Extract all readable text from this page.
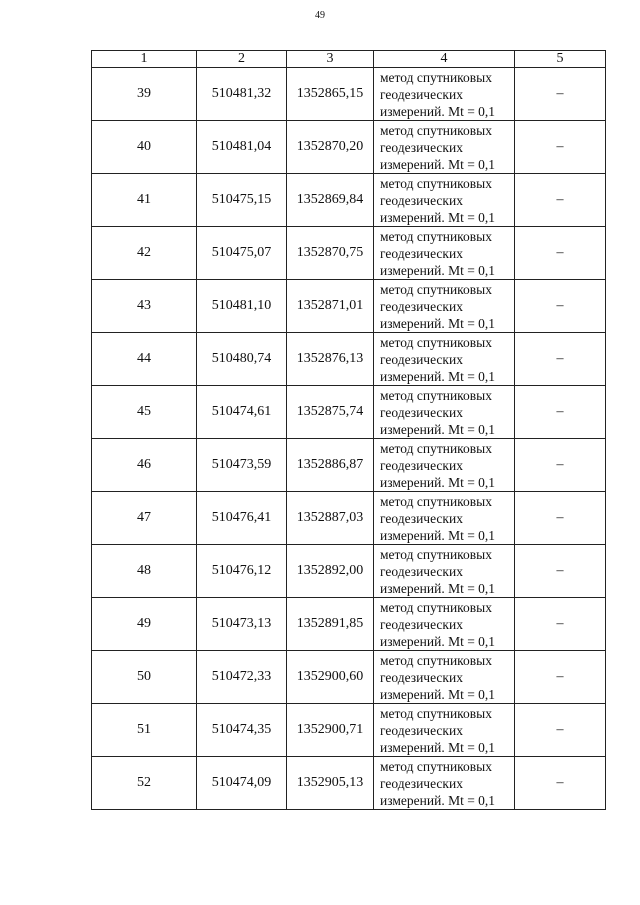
49
1	2	3	4	5
39	510481,32	1352865,15	метод спутниковых
геодезических
измерений. Mt = 0,1	–
40	510481,04	1352870,20	метод спутниковых
геодезических
измерений. Mt = 0,1	–
41	510475,15	1352869,84	метод спутниковых
геодезических
измерений. Mt = 0,1	–
42	510475,07	1352870,75	метод спутниковых
геодезических
измерений. Mt = 0,1	–
43	510481,10	1352871,01	метод спутниковых
геодезических
измерений. Mt = 0,1	–
44	510480,74	1352876,13	метод спутниковых
геодезических
измерений. Mt = 0,1	–
45	510474,61	1352875,74	метод спутниковых
геодезических
измерений. Mt = 0,1	–
46	510473,59	1352886,87	метод спутниковых
геодезических
измерений. Mt = 0,1	–
47	510476,41	1352887,03	метод спутниковых
геодезических
измерений. Mt = 0,1	–
48	510476,12	1352892,00	метод спутниковых
геодезических
измерений. Mt = 0,1	–
49	510473,13	1352891,85	метод спутниковых
геодезических
измерений. Mt = 0,1	–
50	510472,33	1352900,60	метод спутниковых
геодезических
измерений. Mt = 0,1	–
51	510474,35	1352900,71	метод спутниковых
геодезических
измерений. Mt = 0,1	–
52	510474,09	1352905,13	метод спутниковых
геодезических
измерений. Mt = 0,1	–
